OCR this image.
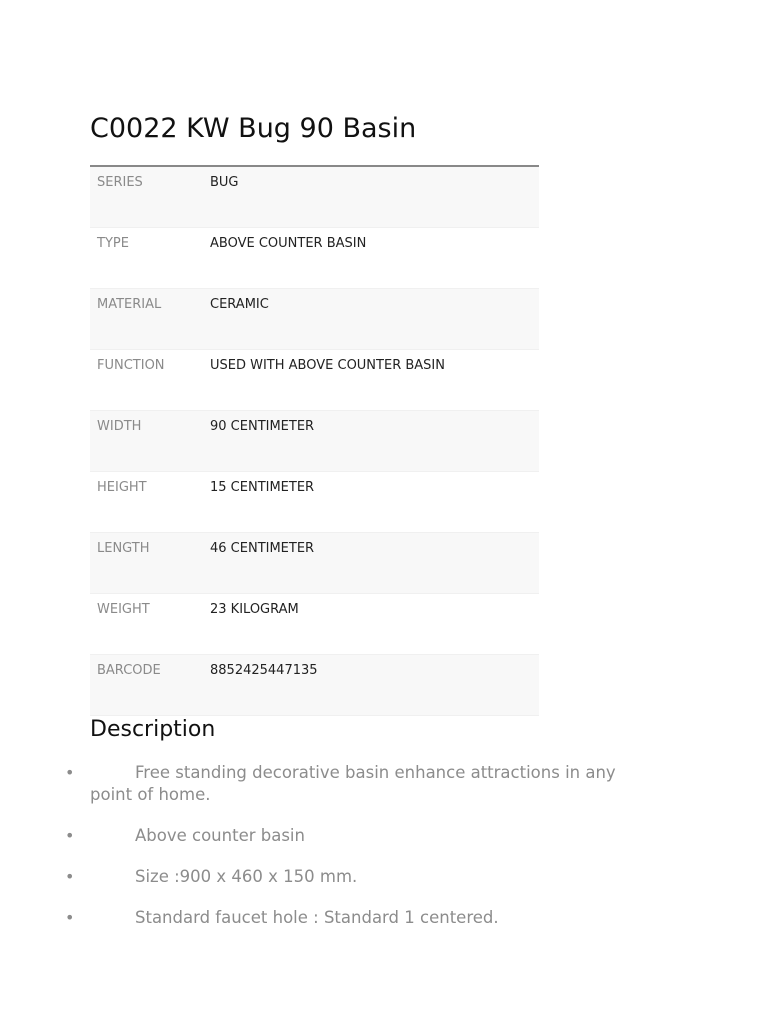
C0022 KW Bug 90 Basin
SERIES	BUG
TYPE	ABOVE COUNTER BASIN
MATERIAL	CERAMIC
FUNCTION	USED WITH ABOVE COUNTER BASIN
WIDTH	90 CENTIMETER
HEIGHT	15 CENTIMETER
LENGTH	46 CENTIMETER
WEIGHT	23 KILOGRAM
BARCODE	8852425447135
Description
•	Free standing decorative basin enhance attractions in any point of home.
•	Above counter basin
•	Size :900 x 460 x 150 mm.
•	Standard faucet hole : Standard 1 centered.
